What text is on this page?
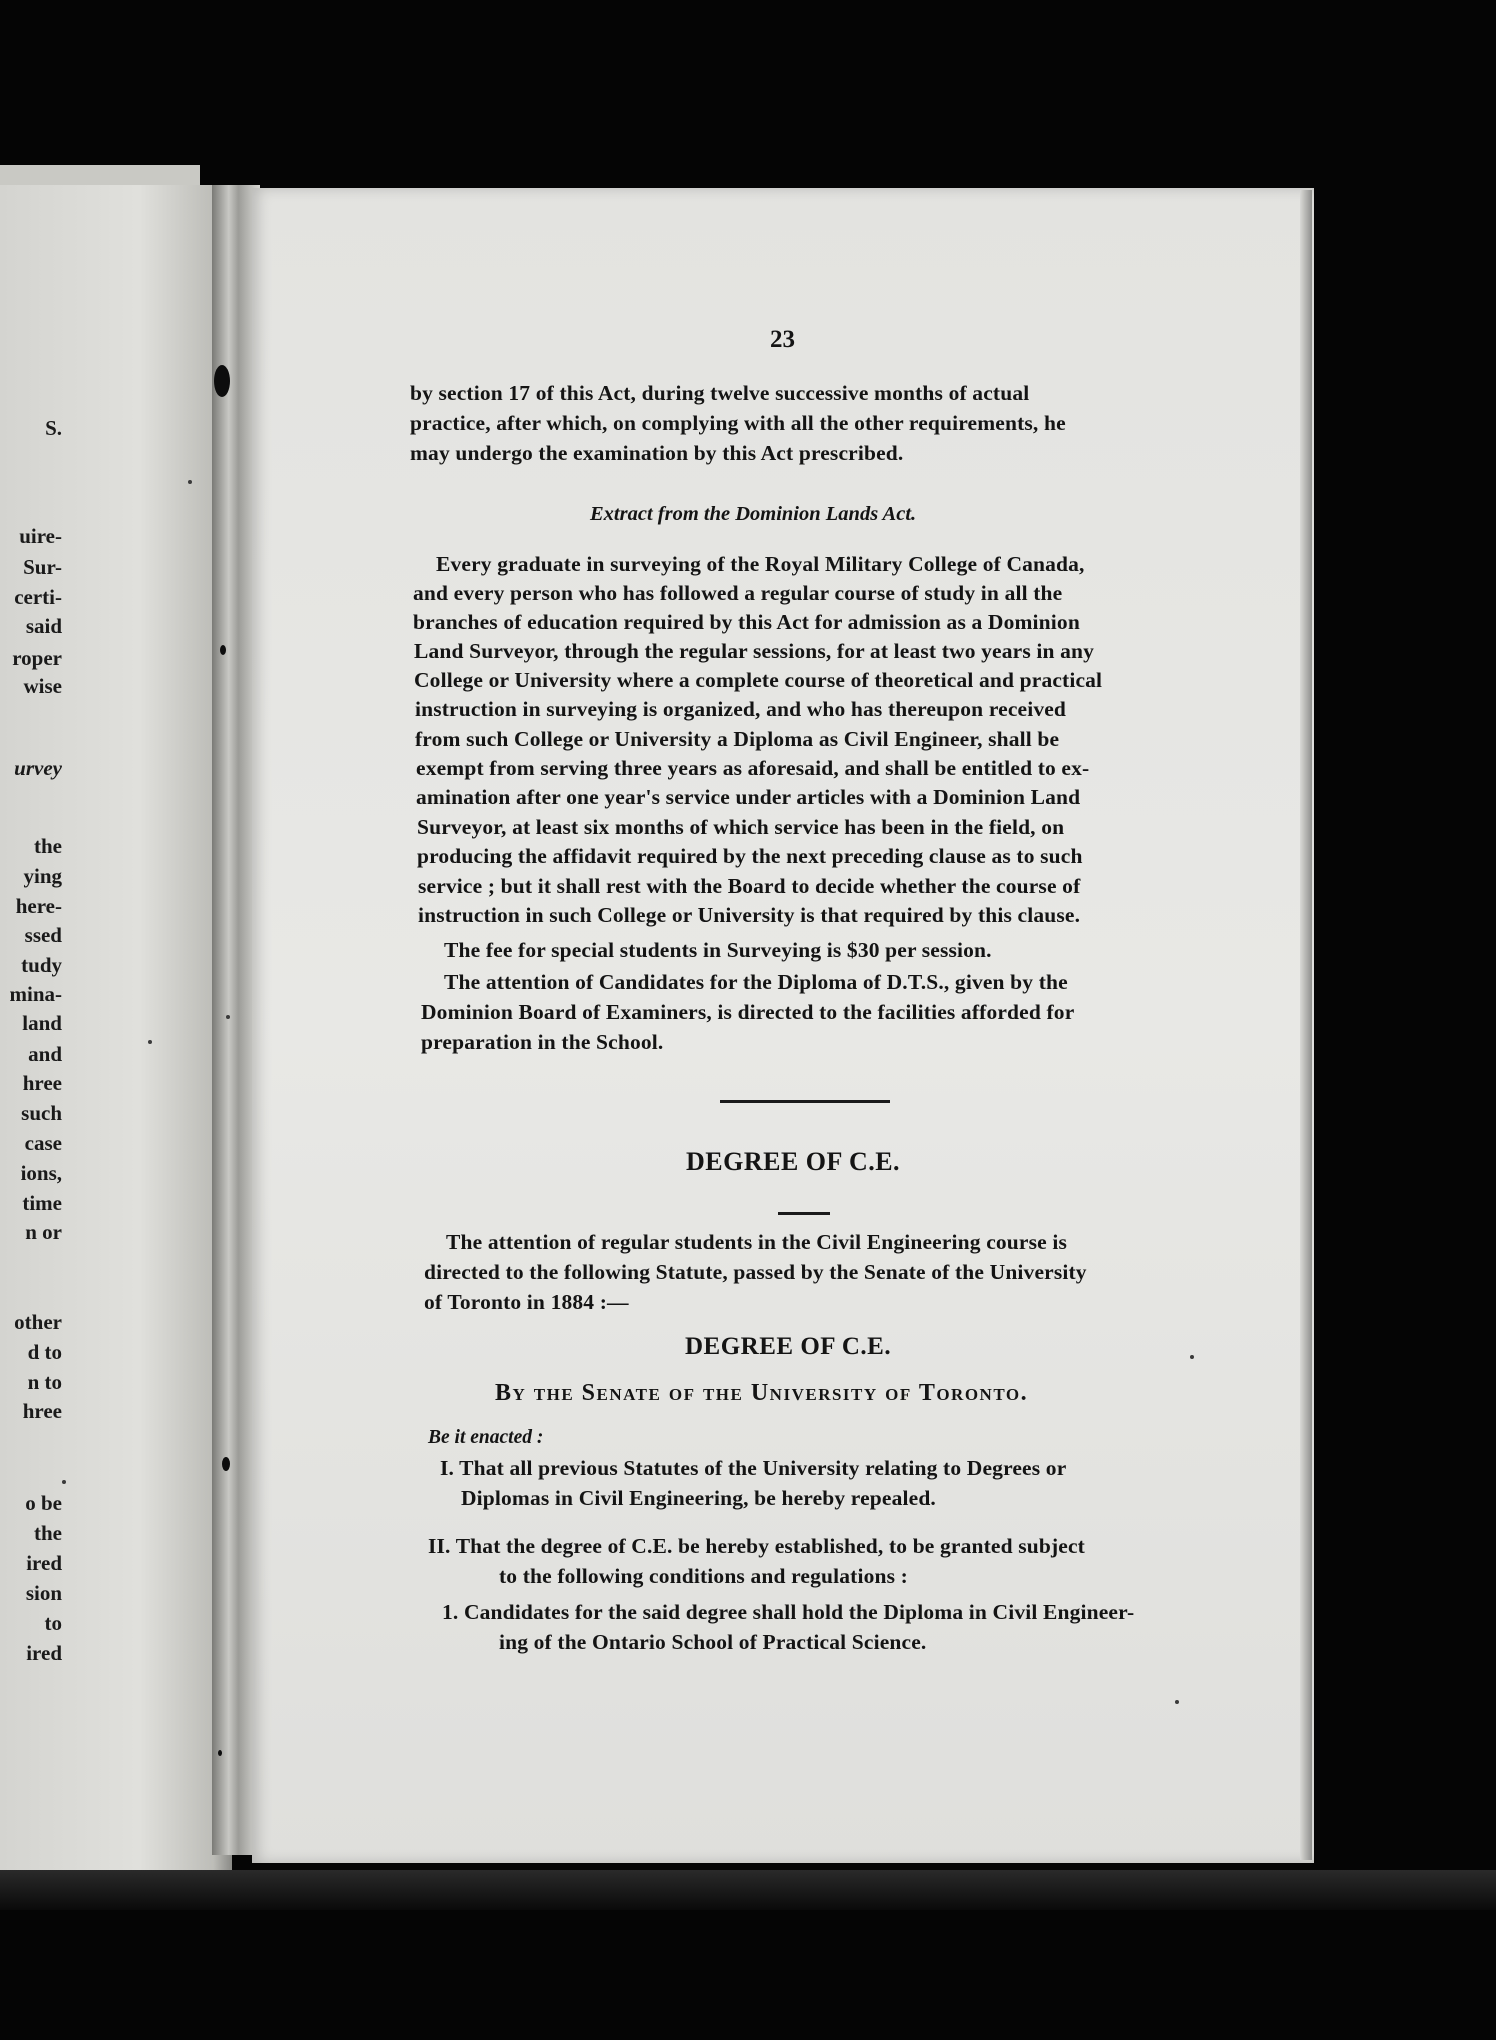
S.
uire-
Sur-
certi-
said
roper
wise
urvey
the
ying
here-
ssed
tudy
mina-
land
and
hree
such
case
ions,
time
n or
other
d to
n to
hree
o be
the
ired
sion
to
ired
23
by section 17 of this Act, during twelve successive months of actual
practice, after which, on complying with all the other requirements, he
may undergo the examination by this Act prescribed.
Extract from the Dominion Lands Act.
Every graduate in surveying of the Royal Military College of Canada,
and every person who has followed a regular course of study in all the
branches of education required by this Act for admission as a Dominion
Land Surveyor, through the regular sessions, for at least two years in any
College or University where a complete course of theoretical and practical
instruction in surveying is organized, and who has thereupon received
from such College or University a Diploma as Civil Engineer, shall be
exempt from serving three years as aforesaid, and shall be entitled to ex-
amination after one year's service under articles with a Dominion Land
Surveyor, at least six months of which service has been in the field, on
producing the affidavit required by the next preceding clause as to such
service ; but it shall rest with the Board to decide whether the course of
instruction in such College or University is that required by this clause.
The fee for special students in Surveying is $30 per session.
The attention of Candidates for the Diploma of D.T.S., given by the
Dominion Board of Examiners, is directed to the facilities afforded for
preparation in the School.
DEGREE OF C.E.
The attention of regular students in the Civil Engineering course is
directed to the following Statute, passed by the Senate of the University
of Toronto in 1884 :—
DEGREE OF C.E.
By the Senate of the University of Toronto.
Be it enacted :
I. That all previous Statutes of the University relating to Degrees or
Diplomas in Civil Engineering, be hereby repealed.
II. That the degree of C.E. be hereby established, to be granted subject
to the following conditions and regulations :
1. Candidates for the said degree shall hold the Diploma in Civil Engineer-
ing of the Ontario School of Practical Science.
